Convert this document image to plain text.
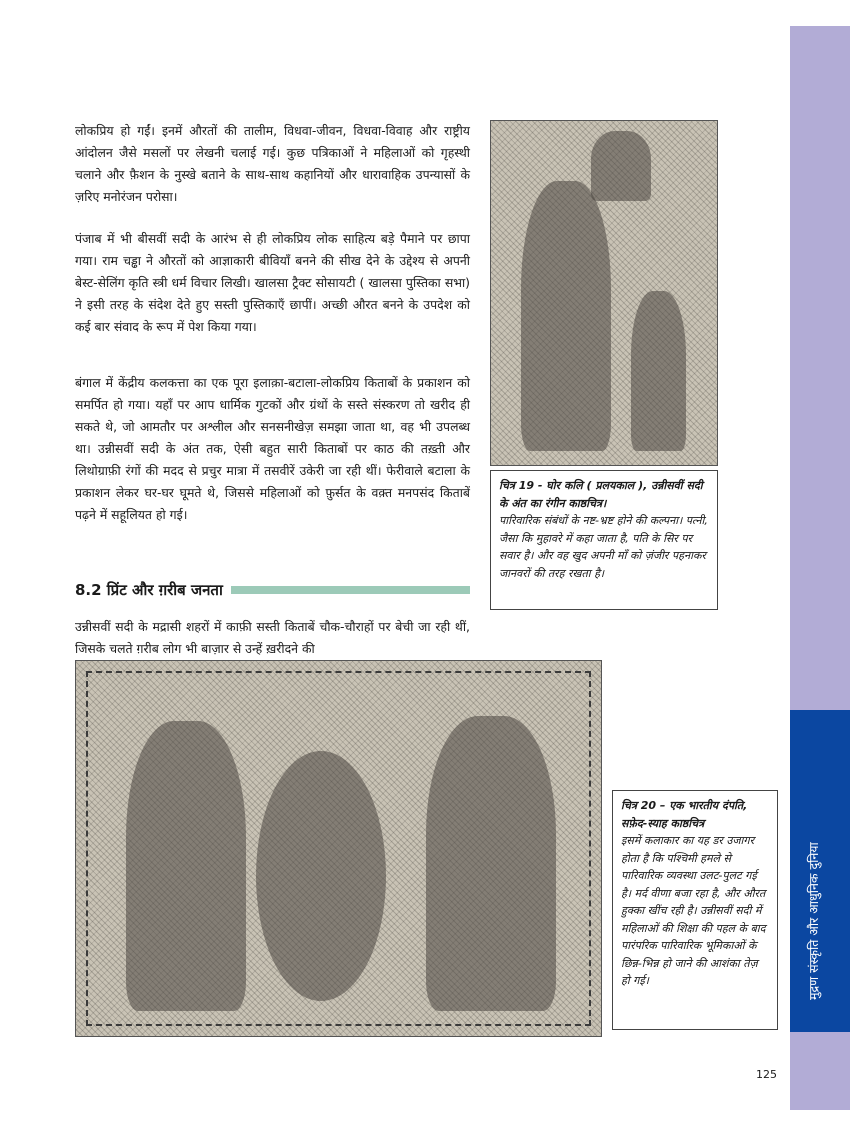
लोकप्रिय हो गईं। इनमें औरतों की तालीम, विधवा-जीवन, विधवा-विवाह और राष्ट्रीय आंदोलन जैसे मसलों पर लेखनी चलाई गई। कुछ पत्रिकाओं ने महिलाओं को गृहस्थी चलाने और फ़ैशन के नुस्खे बताने के साथ-साथ कहानियों और धारावाहिक उपन्यासों के ज़रिए मनोरंजन परोसा।

पंजाब में भी बीसवीं सदी के आरंभ से ही लोकप्रिय लोक साहित्य बड़े पैमाने पर छापा गया। राम चड्ढा ने औरतों को आज्ञाकारी बीवियाँ बनने की सीख देने के उद्देश्य से अपनी बेस्ट-सेलिंग कृति स्त्री धर्म विचार लिखी। खालसा ट्रैक्ट सोसायटी ( खालसा पुस्तिका सभा) ने इसी तरह के संदेश देते हुए सस्ती पुस्तिकाएँ छापीं। अच्छी औरत बनने के उपदेश को कई बार संवाद के रूप में पेश किया गया।

बंगाल में केंद्रीय कलकत्ता का एक पूरा इलाक़ा-बटाला-लोकप्रिय किताबों के प्रकाशन को समर्पित हो गया। यहाँ पर आप धार्मिक गुटकों और ग्रंथों के सस्ते संस्करण तो खरीद ही सकते थे, जो आमतौर पर अश्लील और सनसनीखेज़ समझा जाता था, वह भी उपलब्ध था। उन्नीसवीं सदी के अंत तक, ऐसी बहुत सारी किताबों पर काठ की तख़्ती और लिथोग्राफ़ी रंगों की मदद से प्रचुर मात्रा में तसवीरें उकेरी जा रही थीं। फेरीवाले बटाला के प्रकाशन लेकर घर-घर घूमते थे, जिससे महिलाओं को फ़ुर्सत के वक़्त मनपसंद किताबें पढ़ने में सहूलियत हो गई।

8.2 प्रिंट और ग़रीब जनता

उन्नीसवीं सदी के मद्रासी शहरों में काफ़ी सस्ती किताबें चौक-चौराहों पर बेची जा रही थीं, जिसके चलते ग़रीब लोग भी बाज़ार से उन्हें ख़रीदने की

चित्र 19 - घोर कलि ( प्रलयकाल ), उन्नीसवीं सदी के अंत का रंगीन काष्ठचित्र।
पारिवारिक संबंधों के नष्ट-भ्रष्ट होने की कल्पना। पत्नी, जैसा कि मुहावरे में कहा जाता है, पति के सिर पर सवार है। और वह खुद अपनी माँ को ज़ंजीर पहनाकर जानवरों की तरह रखता है।
चित्र 20 – एक भारतीय दंपति, सफ़ेद-स्याह काष्ठचित्र
इसमें कलाकार का यह डर उजागर होता है कि पश्चिमी हमले से पारिवारिक व्यवस्था उलट-पुलट गई है। मर्द वीणा बजा रहा है, और औरत हुक्का खींच रही है। उन्नीसवीं सदी में महिलाओं की शिक्षा की पहल के बाद पारंपरिक पारिवारिक भूमिकाओं के छिन्न-भिन्न हो जाने की आशंका तेज़ हो गई।	मुद्रण संस्कृति और आधुनिक दुनिया
125
